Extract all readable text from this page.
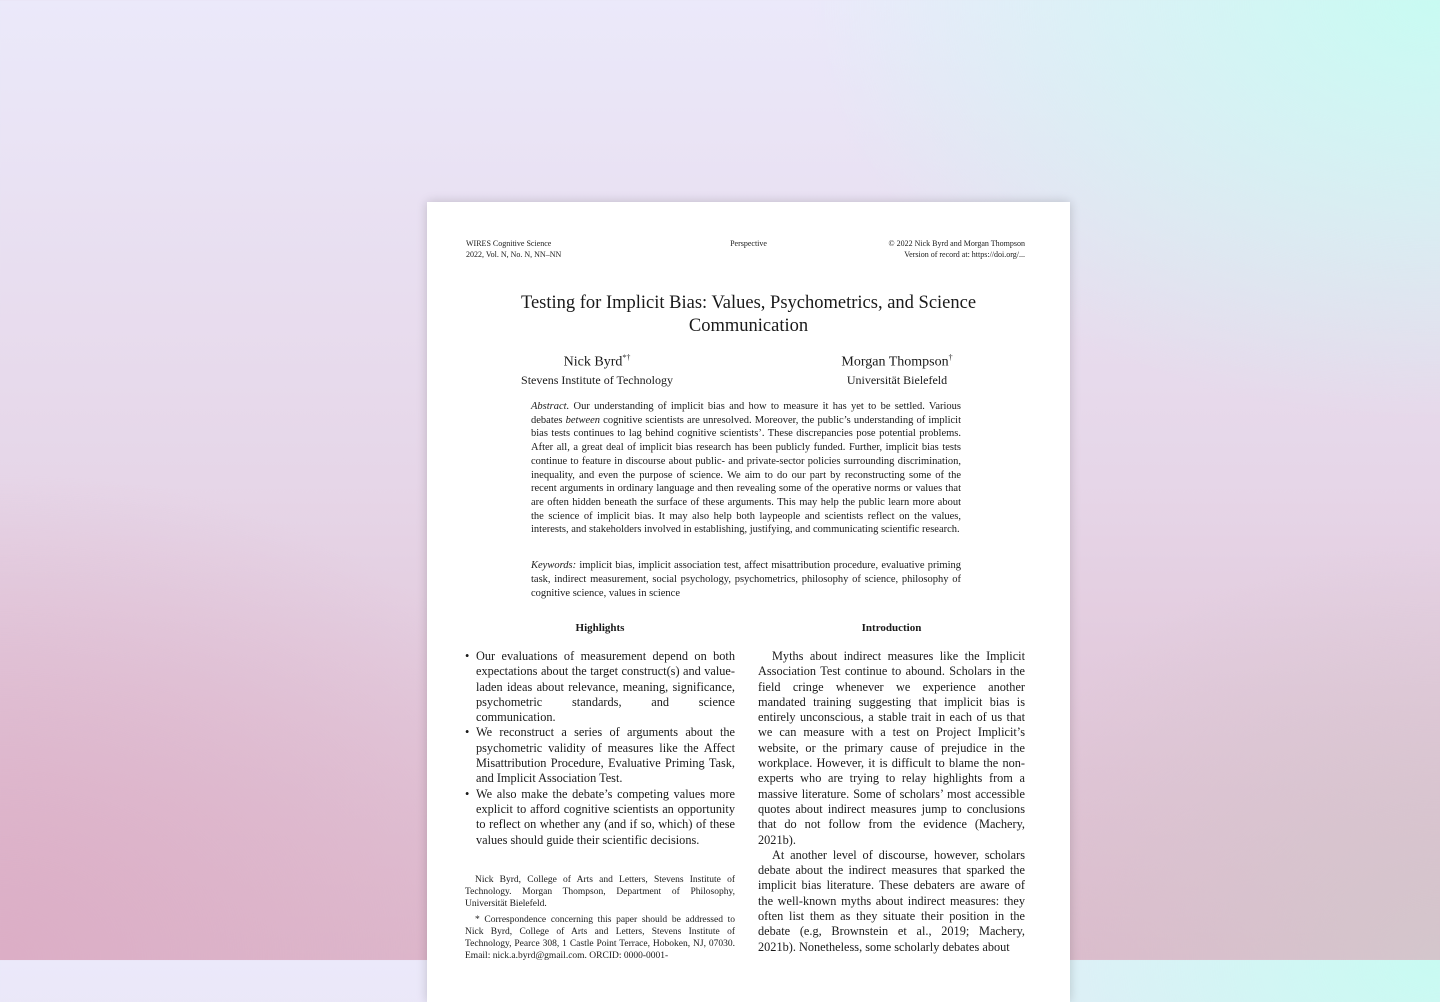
WIRES Cognitive Science
2022, Vol. N, No. N, NN–NN
Perspective	© 2022 Nick Byrd and Morgan Thompson
Version of record at: https://doi.org/...
Testing for Implicit Bias: Values, Psychometrics, and Science Communication
Nick Byrd*†
Stevens Institute of Technology
Morgan Thompson†
Universität Bielefeld
Abstract. Our understanding of implicit bias and how to measure it has yet to be settled. Various debates between cognitive scientists are unresolved. Moreover, the public’s understanding of implicit bias tests continues to lag behind cognitive scientists’. These discrepancies pose potential problems. After all, a great deal of implicit bias research has been publicly funded. Further, implicit bias tests continue to feature in discourse about public- and private-sector policies surrounding discrimination, inequality, and even the purpose of science. We aim to do our part by reconstructing some of the recent arguments in ordinary language and then revealing some of the operative norms or values that are often hidden beneath the surface of these arguments. This may help the public learn more about the science of implicit bias. It may also help both laypeople and scientists reflect on the values, interests, and stakeholders involved in establishing, justifying, and communicating scientific research.
Keywords: implicit bias, implicit association test, affect misattribution procedure, evaluative priming task, indirect measurement, social psychology, psychometrics, philosophy of science, philosophy of cognitive science, values in science
Highlights	Introduction
• Our evaluations of measurement depend on both expectations about the target construct(s) and value-laden ideas about relevance, meaning, significance, psychometric standards, and science communication.
• We reconstruct a series of arguments about the psychometric validity of measures like the Affect Misattribution Procedure, Evaluative Priming Task, and Implicit Association Test.
• We also make the debate’s competing values more explicit to afford cognitive scientists an opportunity to reflect on whether any (and if so, which) of these values should guide their scientific decisions.

Nick Byrd, College of Arts and Letters, Stevens Institute of Technology. Morgan Thompson, Department of Philosophy, Universität Bielefeld.

* Correspondence concerning this paper should be addressed to Nick Byrd, College of Arts and Letters, Stevens Institute of Technology, Pearce 308, 1 Castle Point Terrace, Hoboken, NJ, 07030. Email: nick.a.byrd@gmail.com. ORCID: 0000-0001-

Myths about indirect measures like the Implicit Association Test continue to abound. Scholars in the field cringe whenever we experience another mandated training suggesting that implicit bias is entirely unconscious, a stable trait in each of us that we can measure with a test on Project Implicit’s website, or the primary cause of prejudice in the workplace. However, it is difficult to blame the non-experts who are trying to relay highlights from a massive literature. Some of scholars’ most accessible quotes about indirect measures jump to conclusions that do not follow from the evidence (Machery, 2021b).

At another level of discourse, however, scholars debate about the indirect measures that sparked the implicit bias literature. These debaters are aware of the well-known myths about indirect measures: they often list them as they situate their position in the debate (e.g, Brownstein et al., 2019; Machery, 2021b). Nonetheless, some scholarly debates about
